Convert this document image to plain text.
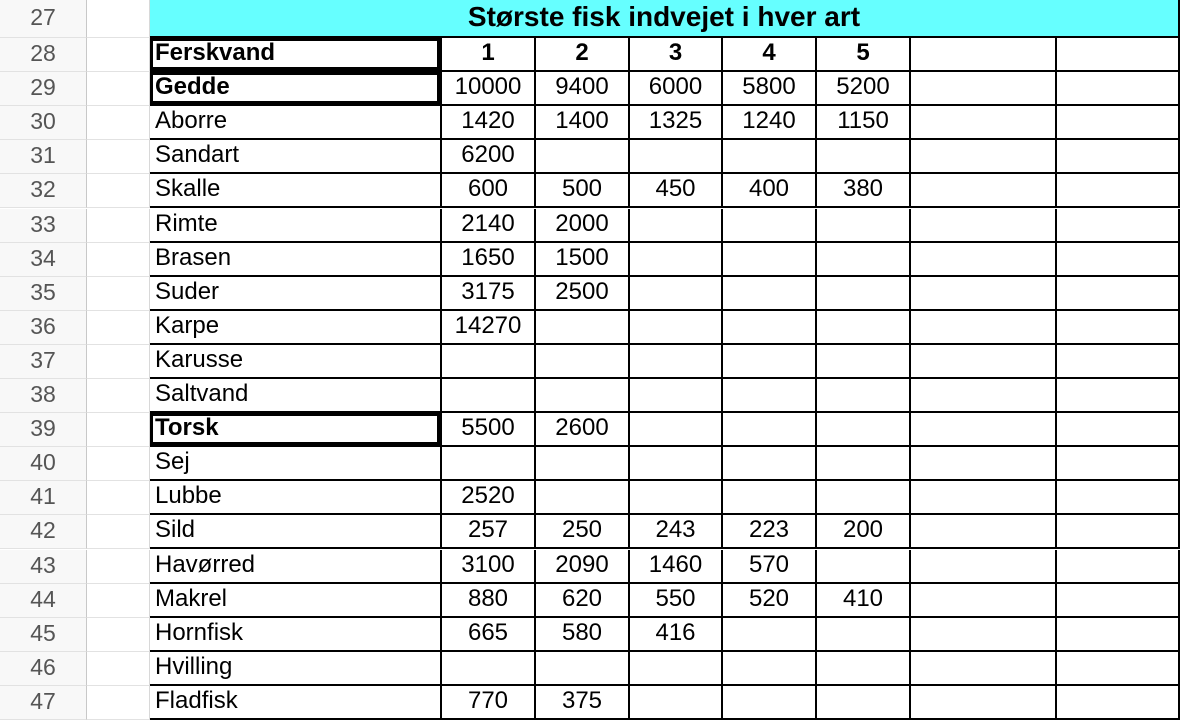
27	Største fisk indvejet i hver art
28	Ferskvand	1	2	3	4	5
29	Gedde	10000	9400	6000	5800	5200
30	Aborre	1420	1400	1325	1240	1150
31	Sandart	6200
32	Skalle	600	500	450	400	380
33	Rimte	2140	2000
34	Brasen	1650	1500
35	Suder	3175	2500
36	Karpe	14270
37	Karusse
38	Saltvand
39	Torsk	5500	2600
40	Sej
41	Lubbe	2520
42	Sild	257	250	243	223	200
43	Havørred	3100	2090	1460	570
44	Makrel	880	620	550	520	410
45	Hornfisk	665	580	416
46	Hvilling
47	Fladfisk	770	375
